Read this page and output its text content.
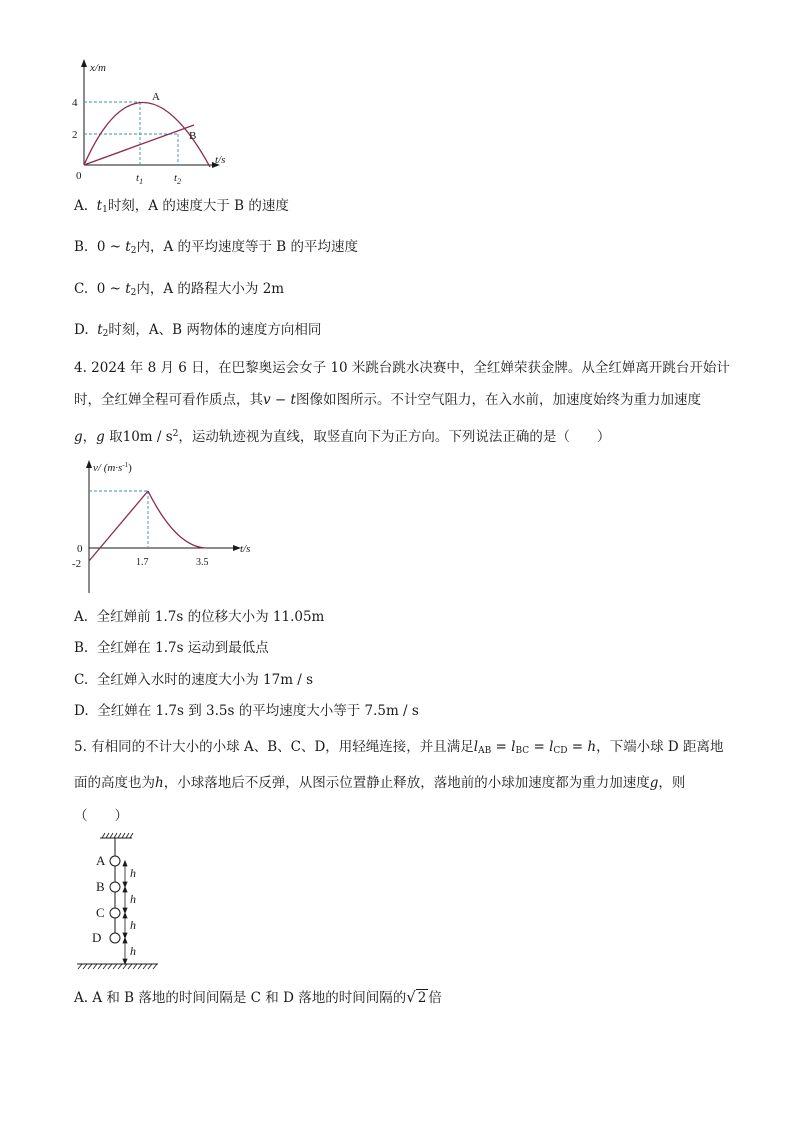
x/m
t/s
4
2
0	$t_1$	$t_2$
A
B
A. $t_1$时刻，A 的速度大于 B 的速度
B. 0 ~ $t_2$内，A 的平均速度等于 B 的平均速度
C. 0 ~ $t_2$内，A 的路程大小为 2m
D. $t_2$时刻，A、B 两物体的速度方向相同
4. 2024 年 8 月 6 日，在巴黎奥运会女子 10 米跳台跳水决赛中，全红婵荣获金牌。从全红婵离开跳台开始计
时，全红婵全程可看作质点，其v − t图像如图所示。不计空气阻力，在入水前，加速度始终为重力加速度
g，g 取$10m / s^2$，运动轨迹视为直线，取竖直向下为正方向。下列说法正确的是（　　）
v/ $(m\cdot s^{-1})$
t/s
0
-2	1.7	3.5
A. 全红婵前 1.7s 的位移大小为 11.05m
B. 全红婵在 1.7s 运动到最低点
C. 全红婵入水时的速度大小为 17m / s
D. 全红婵在 1.7s 到 3.5s 的平均速度大小等于 7.5m / s
5. 有相同的不计大小的小球 A、B、C、D，用轻绳连接，并且满足$l_{AB} = l_{BC} = l_{CD} = h$，下端小球 D 距离地
面的高度也为h，小球落地后不反弹，从图示位置静止释放，落地前的小球加速度都为重力加速度g，则
（　　）
A
B
C
D
h
h
h
h
A. A 和 B 落地的时间间隔是 C 和 D 落地的时间间隔的√ 2 倍
